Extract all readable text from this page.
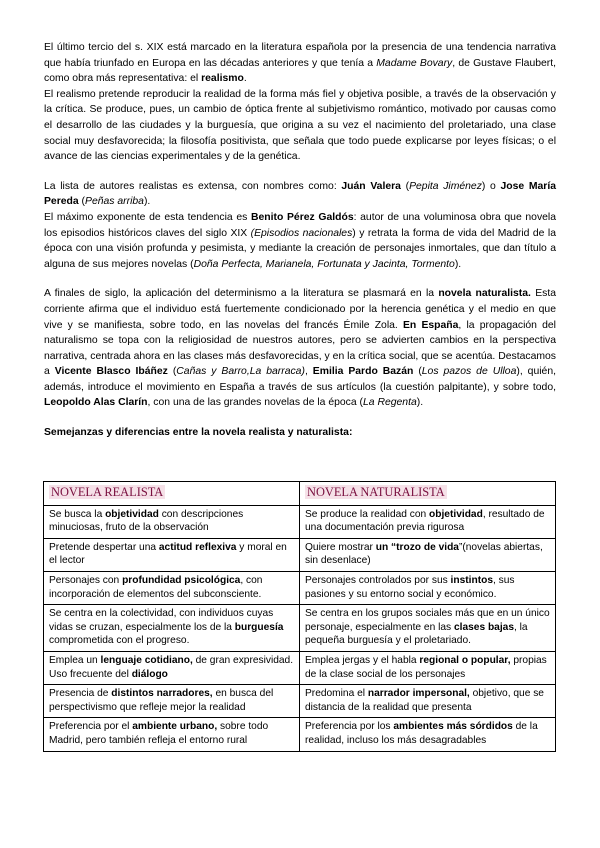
El último tercio del s. XIX está marcado en la literatura española por la presencia de una tendencia narrativa que había triunfado en Europa en las décadas anteriores y que tenía a Madame Bovary, de Gustave Flaubert, como obra más representativa: el realismo.

El realismo pretende reproducir la realidad de la forma más fiel y objetiva posible, a través de la observación y la crítica. Se produce, pues, un cambio de óptica frente al subjetivismo romántico, motivado por causas como el desarrollo de las ciudades y la burguesía, que origina a su vez el nacimiento del proletariado, una clase social muy desfavorecida; la filosofía positivista, que señala que todo puede explicarse por leyes físicas; o el avance de las ciencias experimentales y de la genética.

La lista de autores realistas es extensa, con nombres como: Juán Valera (Pepita Jiménez) o Jose María Pereda (Peñas arriba).

El máximo exponente de esta tendencia es Benito Pérez Galdós: autor de una voluminosa obra que novela los episodios históricos claves del siglo XIX (Episodios nacionales) y retrata la forma de vida del Madrid de la época con una visión profunda y pesimista, y mediante la creación de personajes inmortales, que dan título a alguna de sus mejores novelas (Doña Perfecta, Marianela, Fortunata y Jacinta, Tormento).

A finales de siglo, la aplicación del determinismo a la literatura se plasmará en la novela naturalista. Esta corriente afirma que el individuo está fuertemente condicionado por la herencia genética y el medio en que vive y se manifiesta, sobre todo, en las novelas del francés Émile Zola. En España, la propagación del naturalismo se topa con la religiosidad de nuestros autores, pero se advierten cambios en la perspectiva narrativa, centrada ahora en las clases más desfavorecidas, y en la crítica social, que se acentúa. Destacamos a Vicente Blasco Ibáñez (Cañas y Barro,La barraca), Emilia Pardo Bazán (Los pazos de Ulloa), quién, además, introduce el movimiento en España a través de sus artículos (la cuestión palpitante), y sobre todo, Leopoldo Alas Clarín, con una de las grandes novelas de la época (La Regenta).

Semejanzas y diferencias entre la novela realista y naturalista:
NOVELA REALISTA	NOVELA NATURALISTA
Se busca la objetividad con descripciones minuciosas, fruto de la observación	Se produce la realidad con objetividad, resultado de una documentación previa rigurosa
Pretende despertar una actitud reflexiva y moral en el lector	Quiere mostrar un “trozo de vida”(novelas abiertas, sin desenlace)
Personajes con profundidad psicológica, con incorporación de elementos del subconsciente.	Personajes controlados por sus instintos, sus pasiones y su entorno social y económico.
Se centra en la colectividad, con individuos cuyas vidas se cruzan, especialmente los de la burguesía comprometida con el progreso.	Se centra en los grupos sociales más que en un único personaje, especialmente en las clases bajas, la pequeña burguesía y el proletariado.
Emplea un lenguaje cotidiano, de gran expresividad. Uso frecuente del diálogo	Emplea jergas y el habla regional o popular, propias de la clase social de los personajes
Presencia de distintos narradores, en busca del perspectivismo que refleje mejor la realidad	Predomina el narrador impersonal, objetivo, que se distancia de la realidad que presenta
Preferencia por el ambiente urbano, sobre todo Madrid, pero también refleja el entorno rural	Preferencia por los ambientes más sórdidos de la realidad, incluso los más desagradables
